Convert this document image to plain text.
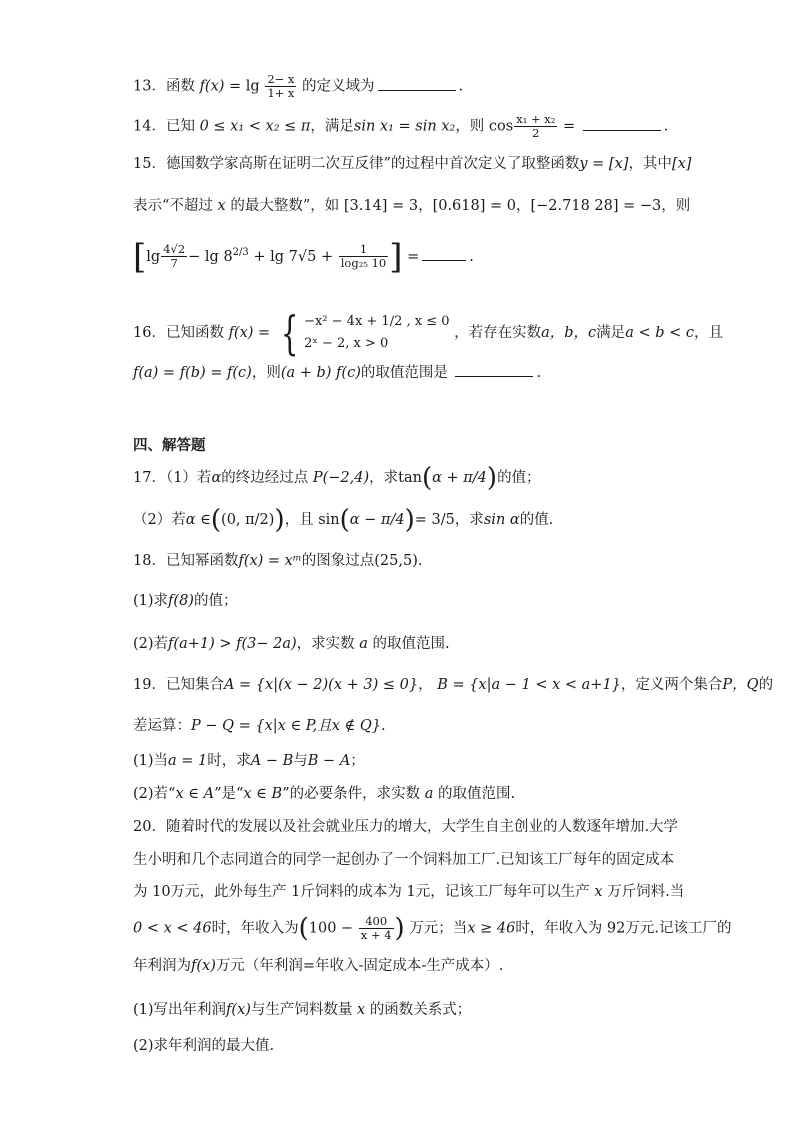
13．函数 $f(x) = \lg \frac{2- x}{1+ x}$ 的定义域为	.
14．已知 0 ≤ x₁ < x₂ ≤ π，满足sin x₁ = sin x₂，则 $\cos \frac{\text{x₁ + x₂}}{2}$ =	.
15．德国数学家高斯在证明二次互反律”的过程中首次定义了取整函数y = [x]，其中[x]
表示“不超过 x 的最大整数”，如 [3.14] = 3，[0.618] = 0，[−2.718 28] = −3，则
[$\lg \frac{4√2}{7} - \lg 8^{2/3} + \lg 7√5 + \frac{1}{\text{log₂₅ 10}}$ ] =	.
16．已知函数 f(x) = { −x² − 4x + 1/2 , x ≤ 0
2ˣ − 2, x > 0
，若存在实数a，b，c满足a < b < c，且
f(a) = f(b) = f(c)，则(a + b) f(c)的取值范围是	.
四、解答题
17．（1）若α的终边经过点 P(−2,4)，求tan(α + π/4)的值；
（2）若α ∈((0, π/2))，且 sin(α − π/4)= 3/5，求sin α的值.
18．已知幂函数f(x) = xᵐ的图象过点(25,5).
(1)求f(8)的值；
(2)若f(a+1) > f(3− 2a)，求实数 a 的取值范围.
19．已知集合A = {x|(x − 2)(x + 3) ≤ 0}， B = {x|a − 1 < x < a+1}，定义两个集合P，Q的
差运算：P − Q = {x|x ∈ P,且x ∉ Q}.
(1)当a = 1时，求A − B与B − A；
(2)若“x ∈ A”是“x ∈ B”的必要条件，求实数 a 的取值范围.
20．随着时代的发展以及社会就业压力的增大，大学生自主创业的人数逐年增加.大学
生小明和几个志同道合的同学一起创办了一个饲料加工厂.已知该工厂每年的固定成本
为 10万元，此外每生产 1斤饲料的成本为 1元，记该工厂每年可以生产 x 万斤饲料.当
0 < x < 46时，年收入为($100 - \frac{400}{x + 4}$ ) 万元；当x ≥ 46时，年收入为 92万元.记该工厂的
年利润为f(x)万元（年利润=年收入-固定成本-生产成本）.
(1)写出年利润f(x)与生产饲料数量 x 的函数关系式；
(2)求年利润的最大值.
